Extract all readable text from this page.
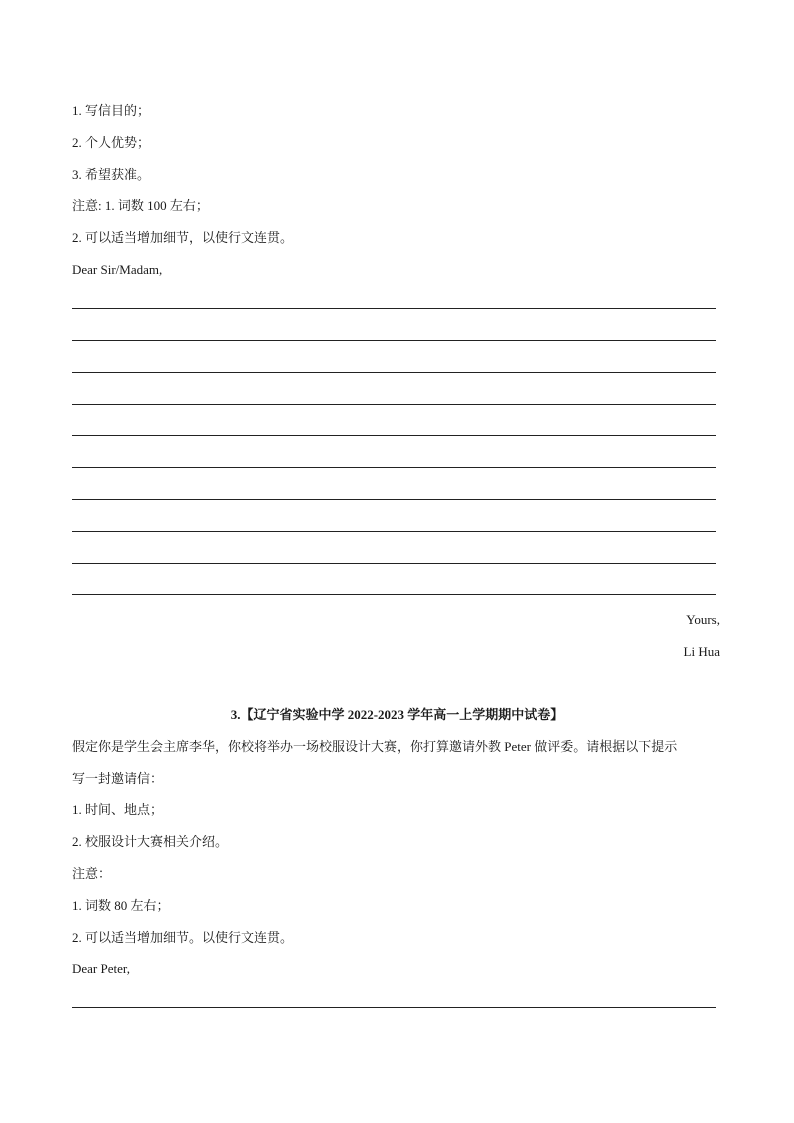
1. 写信目的；
2. 个人优势；
3. 希望获准。
注意: 1. 词数 100 左右；
2. 可以适当增加细节，以使行文连贯。
Dear Sir/Madam,
Yours,
Li Hua
3.【辽宁省实验中学 2022-2023 学年高一上学期期中试卷】
假定你是学生会主席李华，你校将举办一场校服设计大赛，你打算邀请外教 Peter 做评委。请根据以下提示
写一封邀请信：
1. 时间、地点；
2. 校服设计大赛相关介绍。
注意：
1. 词数 80 左右；
2. 可以适当增加细节。以使行文连贯。
Dear Peter,
